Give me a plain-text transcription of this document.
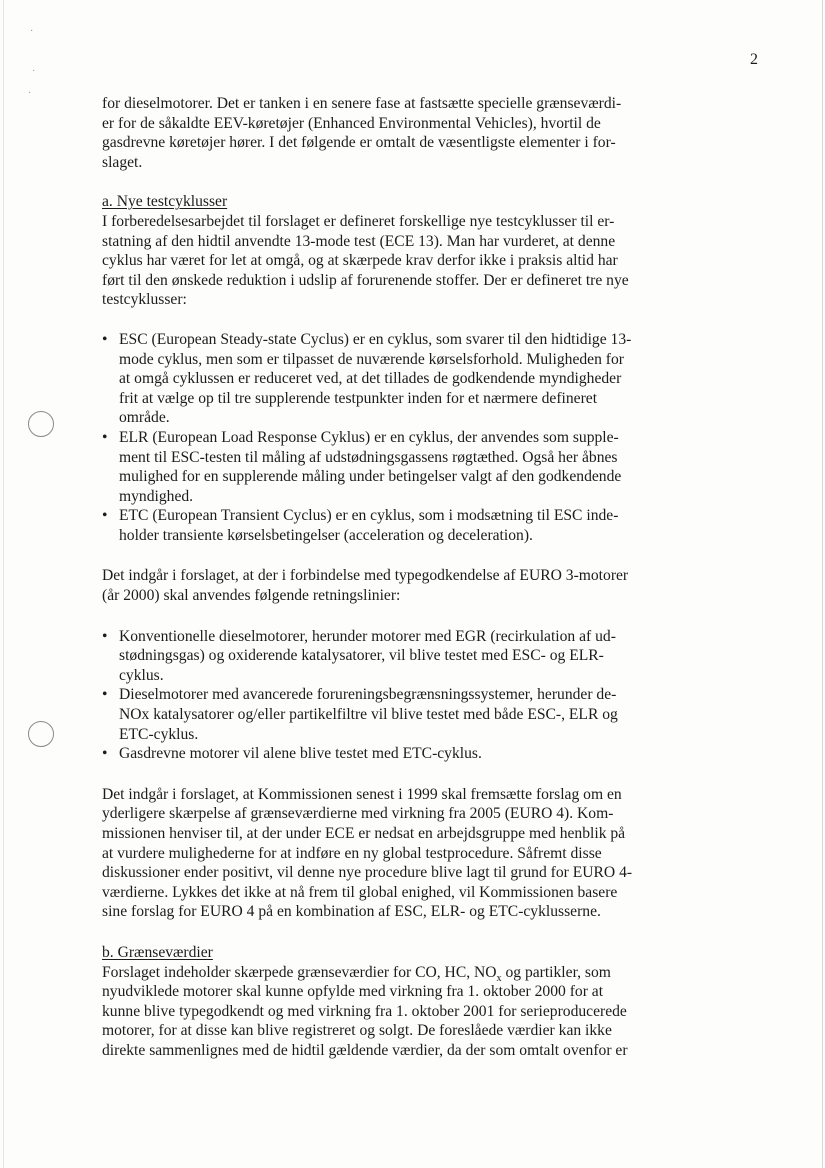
·
·
·
2

for dieselmotorer. Det er tanken i en senere fase at fastsætte specielle grænseværdi-
er for de såkaldte EEV-køretøjer (Enhanced Environmental Vehicles), hvortil de
gasdrevne køretøjer hører. I det følgende er omtalt de væsentligste elementer i for-
slaget.

a. Nye testcyklusser

I forberedelsesarbejdet til forslaget er defineret forskellige nye testcyklusser til er-
statning af den hidtil anvendte 13-mode test (ECE 13). Man har vurderet, at denne
cyklus har været for let at omgå, og at skærpede krav derfor ikke i praksis altid har
ført til den ønskede reduktion i udslip af forurenende stoffer. Der er defineret tre nye
testcyklusser:

• ESC (European Steady-state Cyclus) er en cyklus, som svarer til den hidtidige 13-
mode cyklus, men som er tilpasset de nuværende kørselsforhold. Muligheden for
at omgå cyklussen er reduceret ved, at det tillades de godkendende myndigheder
frit at vælge op til tre supplerende testpunkter inden for et nærmere defineret
område.
• ELR (European Load Response Cyklus) er en cyklus, der anvendes som supple-
ment til ESC-testen til måling af udstødningsgassens røgtæthed. Også her åbnes
mulighed for en supplerende måling under betingelser valgt af den godkendende
myndighed.
• ETC (European Transient Cyclus) er en cyklus, som i modsætning til ESC inde-
holder transiente kørselsbetingelser (acceleration og deceleration).

Det indgår i forslaget, at der i forbindelse med typegodkendelse af EURO 3-motorer
(år 2000) skal anvendes følgende retningslinier:

• Konventionelle dieselmotorer, herunder motorer med EGR (recirkulation af ud-
stødningsgas) og oxiderende katalysatorer, vil blive testet med ESC- og ELR-
cyklus.
• Dieselmotorer med avancerede forureningsbegrænsningssystemer, herunder de-
NOx katalysatorer og/eller partikelfiltre vil blive testet med både ESC-, ELR og
ETC-cyklus.
• Gasdrevne motorer vil alene blive testet med ETC-cyklus.

Det indgår i forslaget, at Kommissionen senest i 1999 skal fremsætte forslag om en
yderligere skærpelse af grænseværdierne med virkning fra 2005 (EURO 4). Kom-
missionen henviser til, at der under ECE er nedsat en arbejdsgruppe med henblik på
at vurdere mulighederne for at indføre en ny global testprocedure. Såfremt disse
diskussioner ender positivt, vil denne nye procedure blive lagt til grund for EURO 4-
værdierne. Lykkes det ikke at nå frem til global enighed, vil Kommissionen basere
sine forslag for EURO 4 på en kombination af ESC, ELR- og ETC-cyklusserne.

b. Grænseværdier

Forslaget indeholder skærpede grænseværdier for CO, HC, $NO_x$ og partikler, som
nyudviklede motorer skal kunne opfylde med virkning fra 1. oktober 2000 for at
kunne blive typegodkendt og med virkning fra 1. oktober 2001 for serieproducerede
motorer, for at disse kan blive registreret og solgt. De foreslåede værdier kan ikke
direkte sammenlignes med de hidtil gældende værdier, da der som omtalt ovenfor er
